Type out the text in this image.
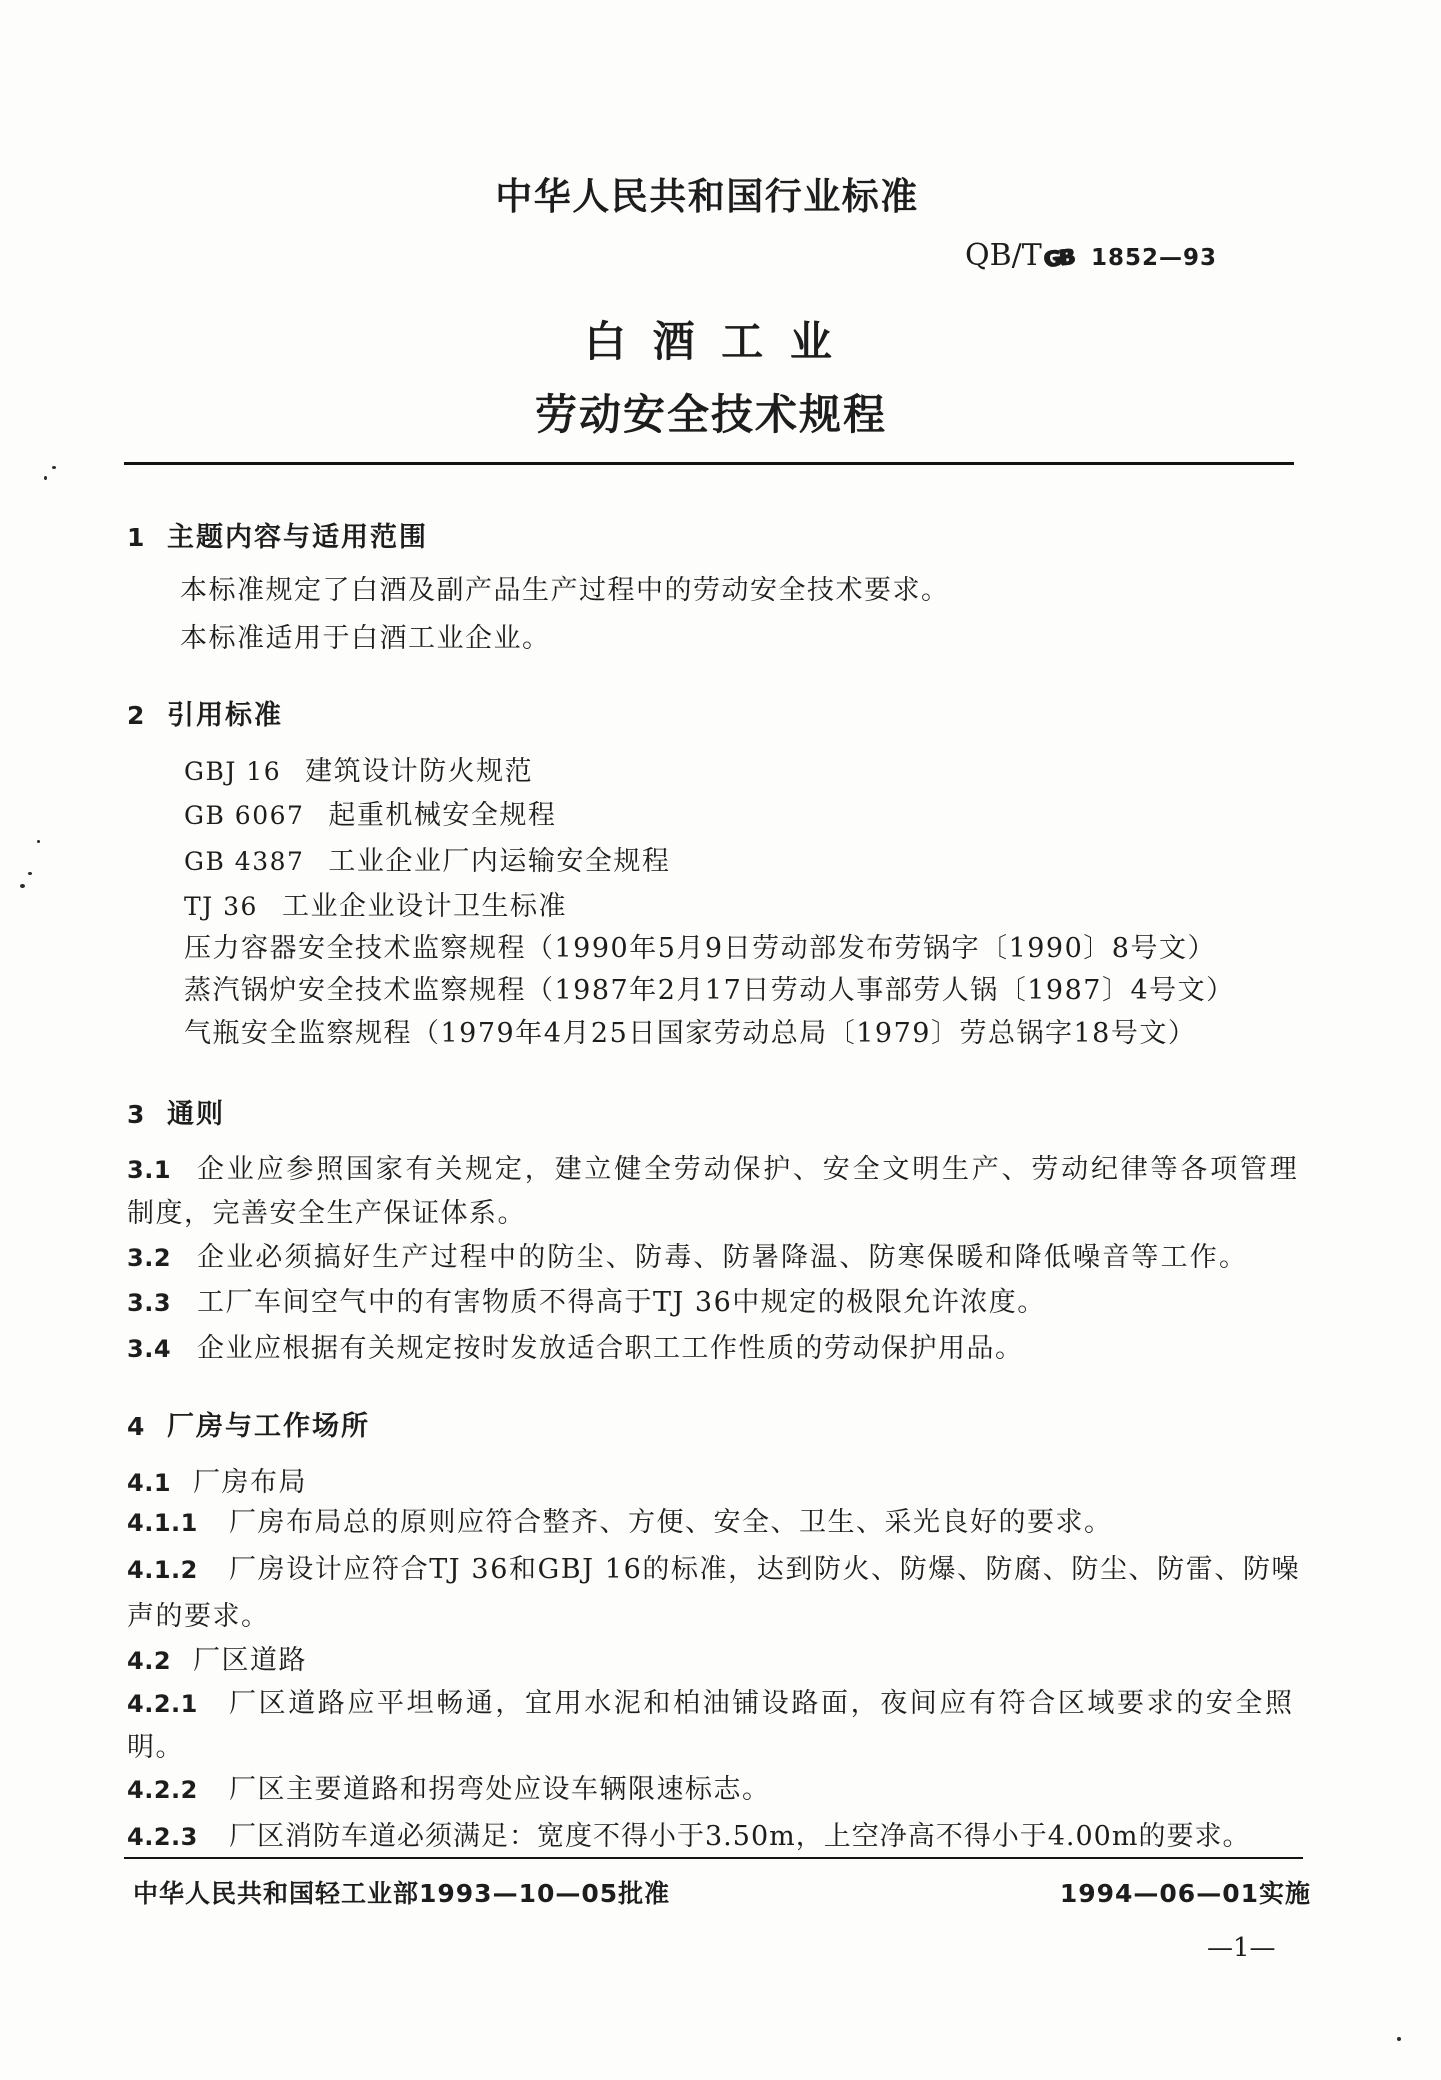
中华人民共和国行业标准
QB/TGB 1852—93
白 酒 工 业
劳动安全技术规程
1 主题内容与适用范围
本标准规定了白酒及副产品生产过程中的劳动安全技术要求。
本标准适用于白酒工业企业。
2 引用标准
GBJ 16 建筑设计防火规范
GB 6067 起重机械安全规程
GB 4387 工业企业厂内运输安全规程
TJ 36 工业企业设计卫生标准
压力容器安全技术监察规程（1990年5月9日劳动部发布劳锅字〔1990〕8号文）
蒸汽锅炉安全技术监察规程（1987年2月17日劳动人事部劳人锅〔1987〕4号文）
气瓶安全监察规程（1979年4月25日国家劳动总局〔1979〕劳总锅字18号文）
3 通则
3.1 企业应参照国家有关规定，建立健全劳动保护、安全文明生产、劳动纪律等各项管理
制度，完善安全生产保证体系。
3.2 企业必须搞好生产过程中的防尘、防毒、防暑降温、防寒保暖和降低噪音等工作。
3.3 工厂车间空气中的有害物质不得高于TJ 36中规定的极限允许浓度。
3.4 企业应根据有关规定按时发放适合职工工作性质的劳动保护用品。
4 厂房与工作场所
4.1 厂房布局
4.1.1 厂房布局总的原则应符合整齐、方便、安全、卫生、采光良好的要求。
4.1.2 厂房设计应符合TJ 36和GBJ 16的标准，达到防火、防爆、防腐、防尘、防雷、防噪
声的要求。
4.2 厂区道路
4.2.1 厂区道路应平坦畅通，宜用水泥和柏油铺设路面，夜间应有符合区域要求的安全照
明。
4.2.2 厂区主要道路和拐弯处应设车辆限速标志。
4.2.3 厂区消防车道必须满足：宽度不得小于3.50m，上空净高不得小于4.00m的要求。
中华人民共和国轻工业部1993—10—05批准	1994—06—01实施
—1—
